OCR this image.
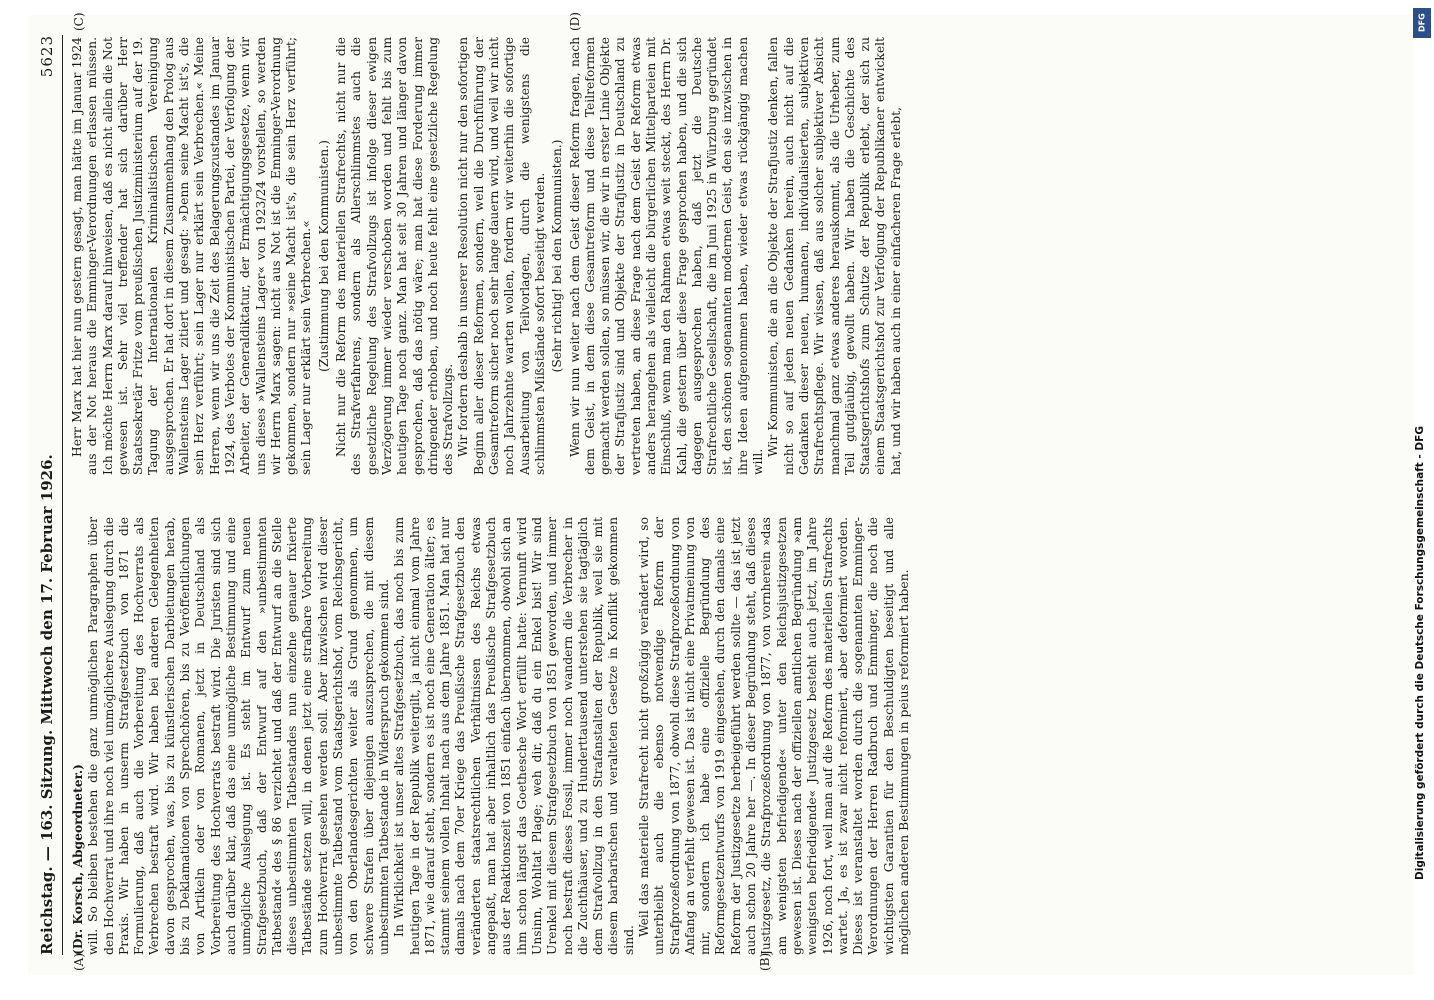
Reichstag. — 163. Sitzung. Mittwoch den 17. Februar 1926.
5623
(A)	(B)
(C)	(D)

(Dr. Korsch, Abgeordneter.) will. So bleiben bestehen die ganz unmöglichen Paragraphen über den Hochverrat und ihre noch viel unmöglichere Auslegung durch die Praxis. Wir haben in unserm Strafgesetzbuch von 1871 die Formulierung, daß auch die Vorbereitung des Hochverrats als Verbrechen bestraft wird. Wir haben bei anderen Gelegenheiten davon gesprochen, was, bis zu künstlerischen Darbietungen herab, bis zu Deklamationen von Sprechchören, bis zu Veröffentlichungen von Artikeln oder von Romanen, jetzt in Deutschland als Vorbereitung des Hochverrats bestraft wird. Die Juristen sind sich auch darüber klar, daß das eine unmögliche Bestimmung und eine unmögliche Auslegung ist. Es steht im Entwurf zum neuen Strafgesetzbuch, daß der Entwurf auf den »unbestimmten Tatbestand« des § 86 verzichtet und daß der Entwurf an die Stelle dieses unbestimmten Tatbestandes nun einzelne genauer fixierte Tatbestände setzen will, in denen jetzt eine strafbare Vorbereitung zum Hochverrat gesehen werden soll. Aber inzwischen wird dieser unbestimmte Tatbestand vom Staatsgerichtshof, vom Reichsgericht, von den Oberlandesgerichten weiter als Grund genommen, um schwere Strafen über diejenigen auszusprechen, die mit diesem unbestimmten Tatbestande in Widerspruch gekommen sind. In Wirklichkeit ist unser altes Strafgesetzbuch, das noch bis zum heutigen Tage in der Republik weitergilt, ja nicht einmal vom Jahre 1871, wie darauf steht, sondern es ist noch eine Generation älter; es stammt seinem vollen Inhalt nach aus dem Jahre 1851. Man hat nur damals nach dem 70er Kriege das Preußische Strafgesetzbuch den veränderten staatsrechtlichen Verhältnissen des Reichs etwas angepaßt, man hat aber inhaltlich das Preußische Strafgesetzbuch aus der Reaktionszeit von 1851 einfach übernommen, obwohl sich an ihm schon längst das Goethesche Wort erfüllt hatte: Vernunft wird Unsinn, Wohltat Plage; weh dir, daß du ein Enkel bist! Wir sind Urenkel mit diesem Strafgesetzbuch von 1851 geworden, und immer noch bestraft dieses Fossil, immer noch wandern die Verbrecher in die Zuchthäuser, und zu Hunderttausend unterstehen sie tagtäglich dem Strafvollzug in den Strafanstalten der Republik, weil sie mit diesem barbarischen und veralteten Gesetze in Konflikt gekommen sind.

Weil das materielle Strafrecht nicht großzügig verändert wird, so unterbleibt auch die ebenso notwendige Reform der Strafprozeßordnung von 1877, obwohl diese Strafprozeßordnung von Anfang an verfehlt gewesen ist. Das ist nicht eine Privatmeinung von mir, sondern ich habe eine offizielle Begründung des Reformgesetzentwurfs von 1919 eingesehen, durch den damals eine Reform der Justizgesetze herbeigeführt werden sollte — das ist jetzt auch schon 20 Jahre her —. In dieser Begründung steht, daß dieses Justizgesetz, die Strafprozeßordnung von 1877, von vornherein »das am wenigsten befriedigende« unter den Reichsjustizgesetzen gewesen ist. Dieses nach der offiziellen amtlichen Begründung »am wenigsten befriedigende« Justizgesetz besteht auch jetzt, im Jahre 1926, noch fort, weil man auf die Reform des materiellen Strafrechts wartet. Ja, es ist zwar nicht reformiert, aber deformiert worden. Dieses ist veranstaltet worden durch die sogenannten Emminger-Verordnungen der Herren Radbruch und Emminger, die noch die wichtigsten Garantien für den Beschuldigten beseitigt und alle möglichen anderen Bestimmungen in peius reformiert haben.

Herr Marx hat hier nun gestern gesagt, man hätte im Januar 1924 aus der Not heraus die Emminger-Verordnungen erlassen müssen. Ich möchte Herrn Marx darauf hinweisen, daß es nicht allein die Not gewesen ist. Sehr viel treffender hat sich darüber Herr Staatssekretär Fritze vom preußischen Justizministerium auf der 19. Tagung der Internationalen Kriminalistischen Vereinigung ausgesprochen. Er hat dort in diesem Zusammenhang den Prolog aus Wallensteins Lager zitiert und gesagt: »Denn seine Macht ist's, die sein Herz verführt; sein Lager nur erklärt sein Verbrechen.« Meine Herren, wenn wir uns die Zeit des Belagerungszustandes im Januar 1924, des Verbotes der Kommunistischen Partei, der Verfolgung der Arbeiter, der Generaldiktatur, der Ermächtigungsgesetze, wenn wir uns dieses »Wallensteins Lager« von 1923/24 vorstellen, so werden wir Herrn Marx sagen: nicht aus Not ist die Emminger-Verordnung gekommen, sondern nur »seine Macht ist's, die sein Herz verführt; sein Lager nur erklärt sein Verbrechen.« (Zustimmung bei den Kommunisten.) Nicht nur die Reform des materiellen Strafrechts, nicht nur die des Strafverfahrens, sondern als Allerschlimmstes auch die gesetzliche Regelung des Strafvollzugs ist infolge dieser ewigen Verzögerung immer wieder verschoben worden und fehlt bis zum heutigen Tage noch ganz. Man hat seit 30 Jahren und länger davon gesprochen, daß das nötig wäre; man hat diese Forderung immer dringender erhoben, und noch heute fehlt eine gesetzliche Regelung des Strafvollzugs. Wir fordern deshalb in unserer Resolution nicht nur den sofortigen Beginn aller dieser Reformen, sondern, weil die Durchführung der Gesamtreform sicher noch sehr lange dauern wird, und weil wir nicht noch Jahrzehnte warten wollen, fordern wir weiterhin die sofortige Ausarbeitung von Teilvorlagen, durch die wenigstens die schlimmsten Mißstände sofort beseitigt werden. (Sehr richtig! bei den Kommunisten.) Wenn wir nun weiter nach dem Geist dieser Reform fragen, nach dem Geist, in dem diese Gesamtreform und diese Teilreformen gemacht werden sollen, so müssen wir, die wir in erster Linie Objekte der Strafjustiz sind und Objekte der Strafjustiz in Deutschland zu vertreten haben, an diese Frage nach dem Geist der Reform etwas anders herangehen als vielleicht die bürgerlichen Mittelparteien mit Einschluß, wenn man den Rahmen etwas weit steckt, des Herrn Dr. Kahl, die gestern über diese Frage gesprochen haben, und die sich dagegen ausgesprochen haben, daß jetzt die Deutsche Strafrechtliche Gesellschaft, die im Juni 1925 in Würzburg gegründet ist, den schönen sogenannten modernen Geist, den sie inzwischen in ihre Ideen aufgenommen haben, wieder etwas rückgängig machen will.

Wir Kommunisten, die an die Objekte der Strafjustiz denken, fallen nicht so auf jeden neuen Gedanken herein, auch nicht auf die Gedanken dieser neuen, humanen, individualisierten, subjektiven Strafrechtspflege. Wir wissen, daß aus solcher subjektiver Absicht manchmal ganz etwas anderes herauskommt, als die Urheber, zum Teil gutgläubig, gewollt haben. Wir haben die Geschichte des Staatsgerichtshofs zum Schutze der Republik erlebt, der sich zu einem Staatsgerichtshof zur Verfolgung der Republikaner entwickelt hat, und wir haben auch in einer einfacheren Frage erlebt,

DFG
Digitalisierung gefördert durch die Deutsche Forschungsgemeinschaft - DFG
